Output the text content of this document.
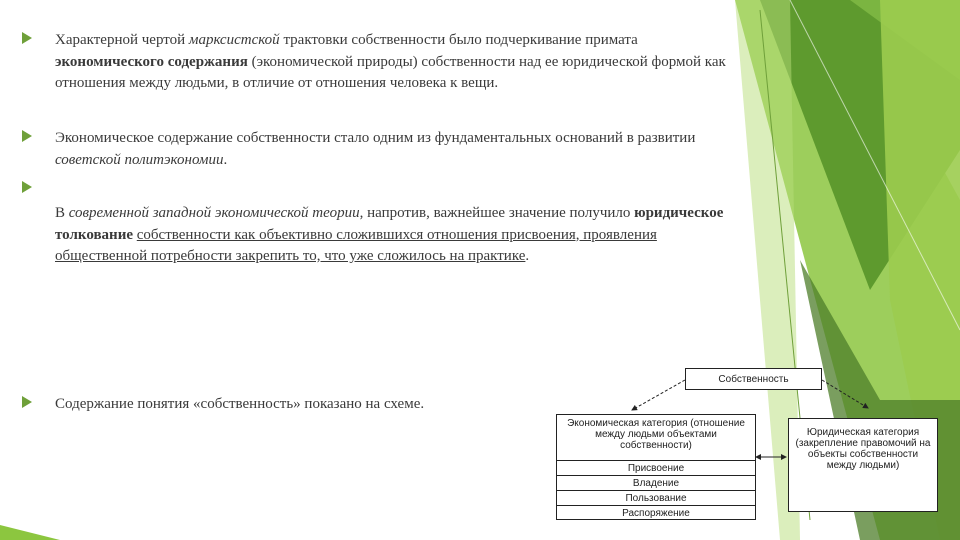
Характерной чертой марксистской трактовки собственности было подчеркивание примата экономического содержания (экономической природы) собственности над ее юридической формой как отношения между людьми, в отличие от отношения человека к вещи.
Экономическое содержание собственности стало одним из фундаментальных оснований в развитии советской политэкономии.
В современной западной экономической теории, напротив, важнейшее значение получило юридическое толкование собственности как объективно сложившихся отношения присвоения, проявления общественной потребности закрепить то, что уже сложилось на практике.
Содержание понятия «собственность» показано на схеме.
Собственность
Экономическая категория (отношение между людьми объектами собственности)
Присвоение
Владение
Пользование
Распоряжение
Юридическая категория (закрепление правомочий на объекты собственности между людьми)
